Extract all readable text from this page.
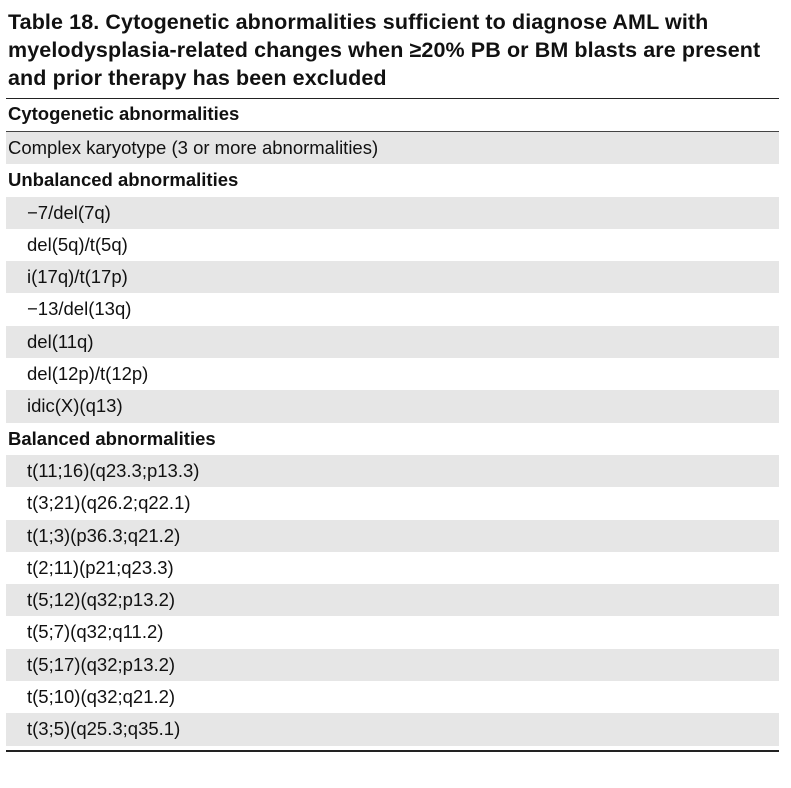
Table 18. Cytogenetic abnormalities sufficient to diagnose AML with myelodysplasia-related changes when ≥20% PB or BM blasts are present and prior therapy has been excluded
Cytogenetic abnormalities
Complex karyotype (3 or more abnormalities)
Unbalanced abnormalities
−7/del(7q)
del(5q)/t(5q)
i(17q)/t(17p)
−13/del(13q)
del(11q)
del(12p)/t(12p)
idic(X)(q13)
Balanced abnormalities
t(11;16)(q23.3;p13.3)
t(3;21)(q26.2;q22.1)
t(1;3)(p36.3;q21.2)
t(2;11)(p21;q23.3)
t(5;12)(q32;p13.2)
t(5;7)(q32;q11.2)
t(5;17)(q32;p13.2)
t(5;10)(q32;q21.2)
t(3;5)(q25.3;q35.1)
